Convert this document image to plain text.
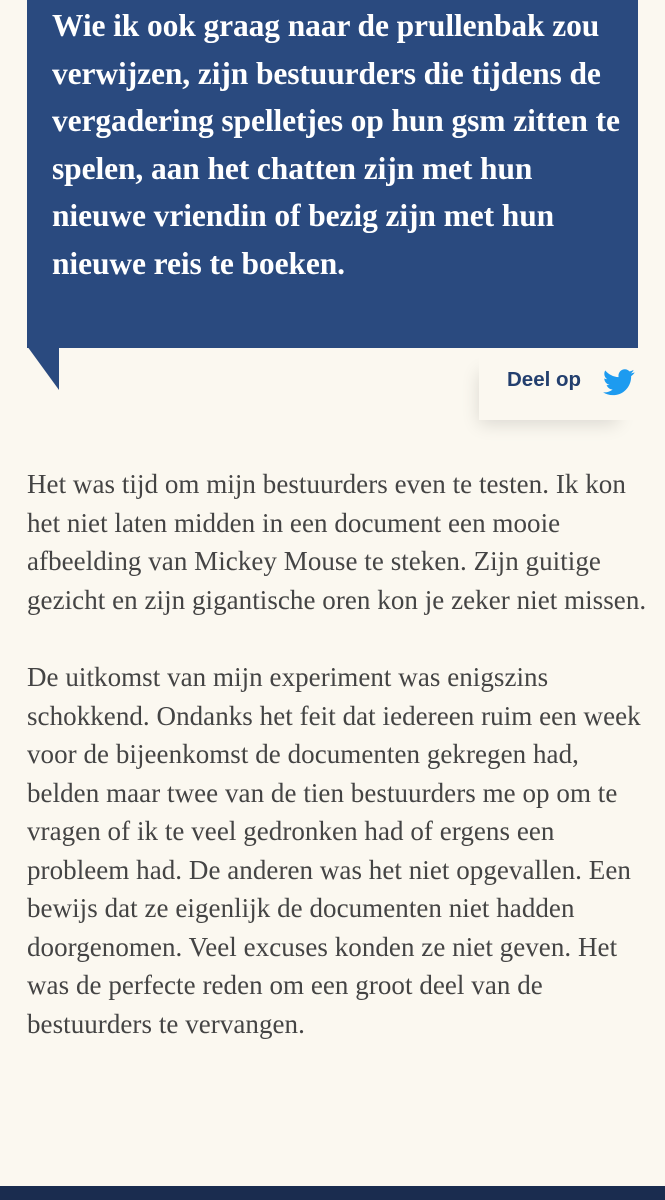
Wie ik ook graag naar de prullenbak zou verwijzen, zijn bestuurders die tijdens de vergadering spelletjes op hun gsm zitten te spelen, aan het chatten zijn met hun nieuwe vriendin of bezig zijn met hun nieuwe reis te boeken.

Deel op

Het was tijd om mijn bestuurders even te testen. Ik kon het niet laten midden in een document een mooie afbeelding van Mickey Mouse te steken. Zijn guitige gezicht en zijn gigantische oren kon je zeker niet missen.

De uitkomst van mijn experiment was enigszins schokkend. Ondanks het feit dat iedereen ruim een week voor de bijeenkomst de documenten gekregen had, belden maar twee van de tien bestuurders me op om te vragen of ik te veel gedronken had of ergens een probleem had. De anderen was het niet opgevallen. Een bewijs dat ze eigenlijk de documenten niet hadden doorgenomen. Veel excuses konden ze niet geven. Het was de perfecte reden om een groot deel van de bestuurders te vervangen.
